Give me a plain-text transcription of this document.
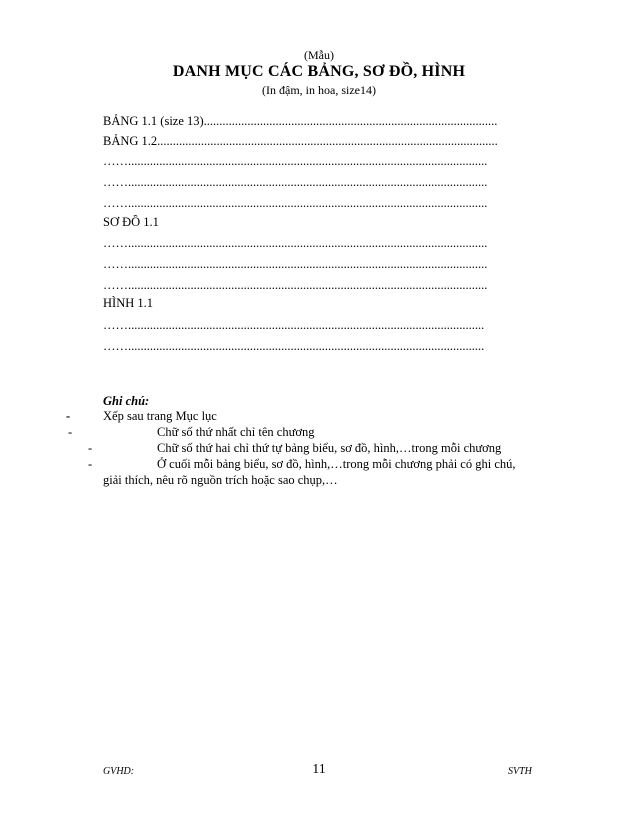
(Mẫu)
DANH MỤC CÁC BẢNG, SƠ ĐỒ, HÌNH
(In đậm, in hoa, size14)
BẢNG 1.1 (size 13)..............................................................................................
BẢNG 1.2.............................................................................................................
……...................................................................................................................
……...................................................................................................................
……...................................................................................................................
SƠ ĐỒ 1.1
……...................................................................................................................
……...................................................................................................................
……...................................................................................................................
HÌNH 1.1
……..................................................................................................................
……..................................................................................................................
Ghi chú:
-	Xếp sau trang Mục lục
-	Chữ số thứ nhất chỉ tên chương
-	Chữ số thứ hai chỉ thứ tự bảng biểu, sơ đồ, hình,…trong mỗi chương
-	Ở cuối mỗi bảng biểu, sơ đồ, hình,…trong mỗi chương phải có ghi chú,
giải thích, nêu rõ nguồn trích hoặc sao chụp,…
GVHD:	11	SVTH
